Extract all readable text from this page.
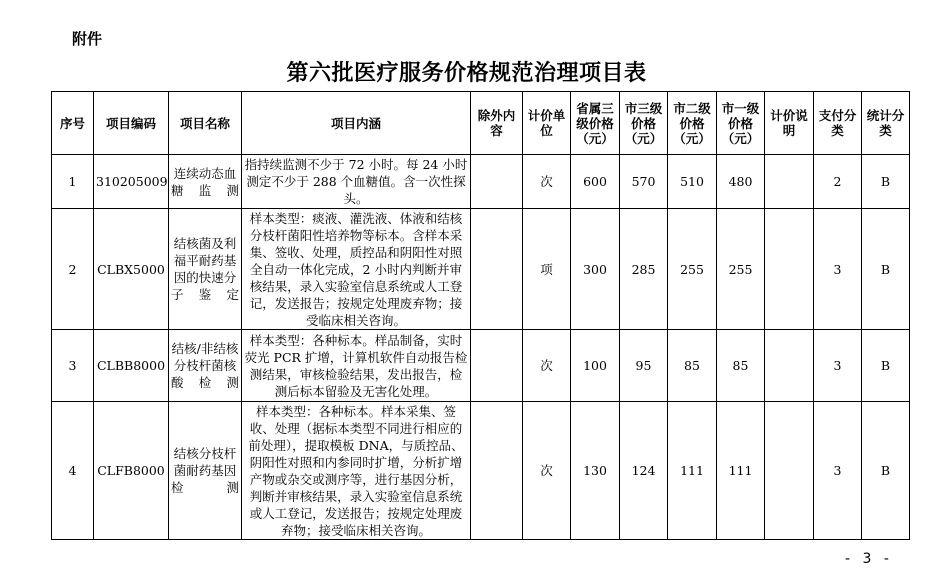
附件
第六批医疗服务价格规范治理项目表
序号	项目编码	项目名称	项目内涵	除外内容	计价单位	省属三级价格（元）	市三级价格（元）	市二级价格（元）	市一级价格（元）	计价说明	支付分类	统计分类
1	310205009	连续动态血糖监测	指持续监测不少于 72 小时。每 24 小时测定不少于 288 个血糖值。含一次性探头。		次	600	570	510	480		2	B
2	CLBX5000	结核菌及利福平耐药基因的快速分子鉴定	样本类型：痰液、灌洗液、体液和结核分枝杆菌阳性培养物等标本。含样本采集、签收、处理，质控品和阴阳性对照全自动一体化完成，2 小时内判断并审核结果，录入实验室信息系统或人工登记，发送报告；按规定处理废弃物；接受临床相关咨询。		项	300	285	255	255		3	B
3	CLBB8000	结核/非结核分枝杆菌核酸检测	样本类型：各种标本。样品制备，实时荧光 PCR 扩增，计算机软件自动报告检测结果，审核检验结果，发出报告，检测后标本留验及无害化处理。		次	100	95	85	85		3	B
4	CLFB8000	结核分枝杆菌耐药基因检测	样本类型：各种标本。样本采集、签收、处理（据标本类型不同进行相应的前处理），提取模板 DNA，与质控品、阴阳性对照和内参同时扩增，分析扩增产物或杂交或测序等，进行基因分析，判断并审核结果，录入实验室信息系统或人工登记，发送报告；按规定处理废弃物；接受临床相关咨询。		次	130	124	111	111		3	B
- 3 -
